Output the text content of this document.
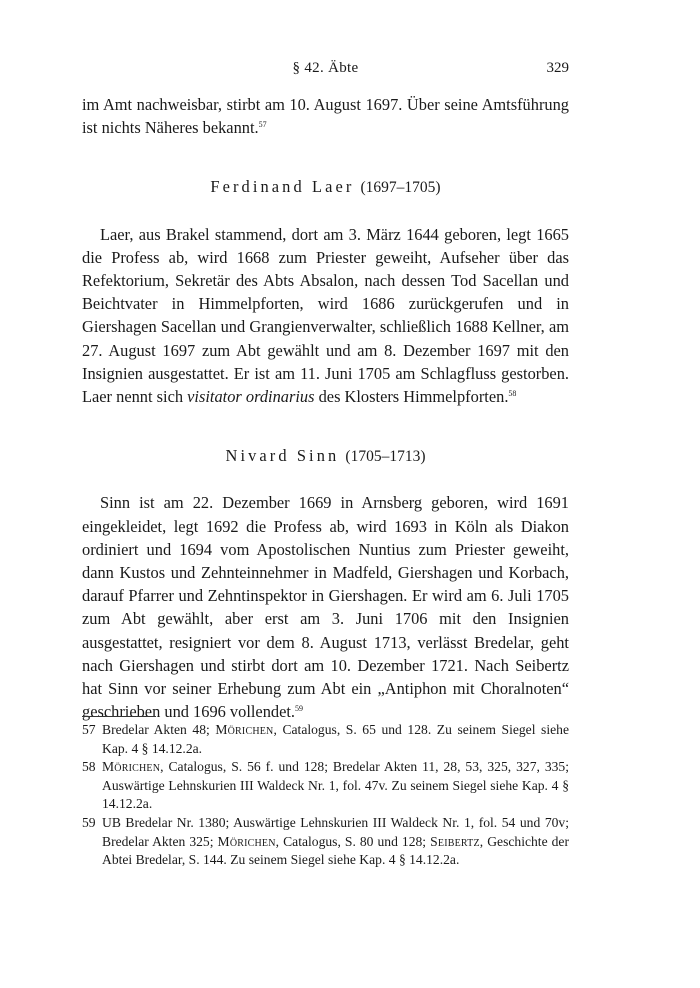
§ 42. Äbte	329

im Amt nachweisbar, stirbt am 10. August 1697. Über seine Amtsführung ist nichts Näheres bekannt.$^{57}$

Ferdinand Laer (1697–1705)

Laer, aus Brakel stammend, dort am 3. März 1644 geboren, legt 1665 die Profess ab, wird 1668 zum Priester geweiht, Aufseher über das Refektorium, Sekretär des Abts Absalon, nach dessen Tod Sacellan und Beichtvater in Himmelpforten, wird 1686 zurückgerufen und in Giershagen Sacellan und Grangienverwalter, schließlich 1688 Kellner, am 27. August 1697 zum Abt gewählt und am 8. Dezember 1697 mit den Insignien ausgestattet. Er ist am 11. Juni 1705 am Schlagfluss gestorben. Laer nennt sich visitator ordinarius des Klosters Himmelpforten.$^{58}$

Nivard Sinn (1705–1713)

Sinn ist am 22. Dezember 1669 in Arnsberg geboren, wird 1691 eingekleidet, legt 1692 die Profess ab, wird 1693 in Köln als Diakon ordiniert und 1694 vom Apostolischen Nuntius zum Priester geweiht, dann Kustos und Zehnteinnehmer in Madfeld, Giershagen und Korbach, darauf Pfarrer und Zehntinspektor in Giershagen. Er wird am 6. Juli 1705 zum Abt gewählt, aber erst am 3. Juni 1706 mit den Insignien ausgestattet, resigniert vor dem 8. August 1713, verlässt Bredelar, geht nach Giershagen und stirbt dort am 10. Dezember 1721. Nach Seibertz hat Sinn vor seiner Erhebung zum Abt ein „Antiphon mit Choralnoten“ geschrieben und 1696 vollendet.$^{59}$

57 Bredelar Akten 48; Mörichen, Catalogus, S. 65 und 128. Zu seinem Siegel siehe Kap. 4 § 14.12.2a.

58 Mörichen, Catalogus, S. 56 f. und 128; Bredelar Akten 11, 28, 53, 325, 327, 335; Auswärtige Lehnskurien III Waldeck Nr. 1, fol. 47v. Zu seinem Siegel siehe Kap. 4 § 14.12.2a.

59 UB Bredelar Nr. 1380; Auswärtige Lehnskurien III Waldeck Nr. 1, fol. 54 und 70v; Bredelar Akten 325; Mörichen, Catalogus, S. 80 und 128; Seibertz, Geschichte der Abtei Bredelar, S. 144. Zu seinem Siegel siehe Kap. 4 § 14.12.2a.
